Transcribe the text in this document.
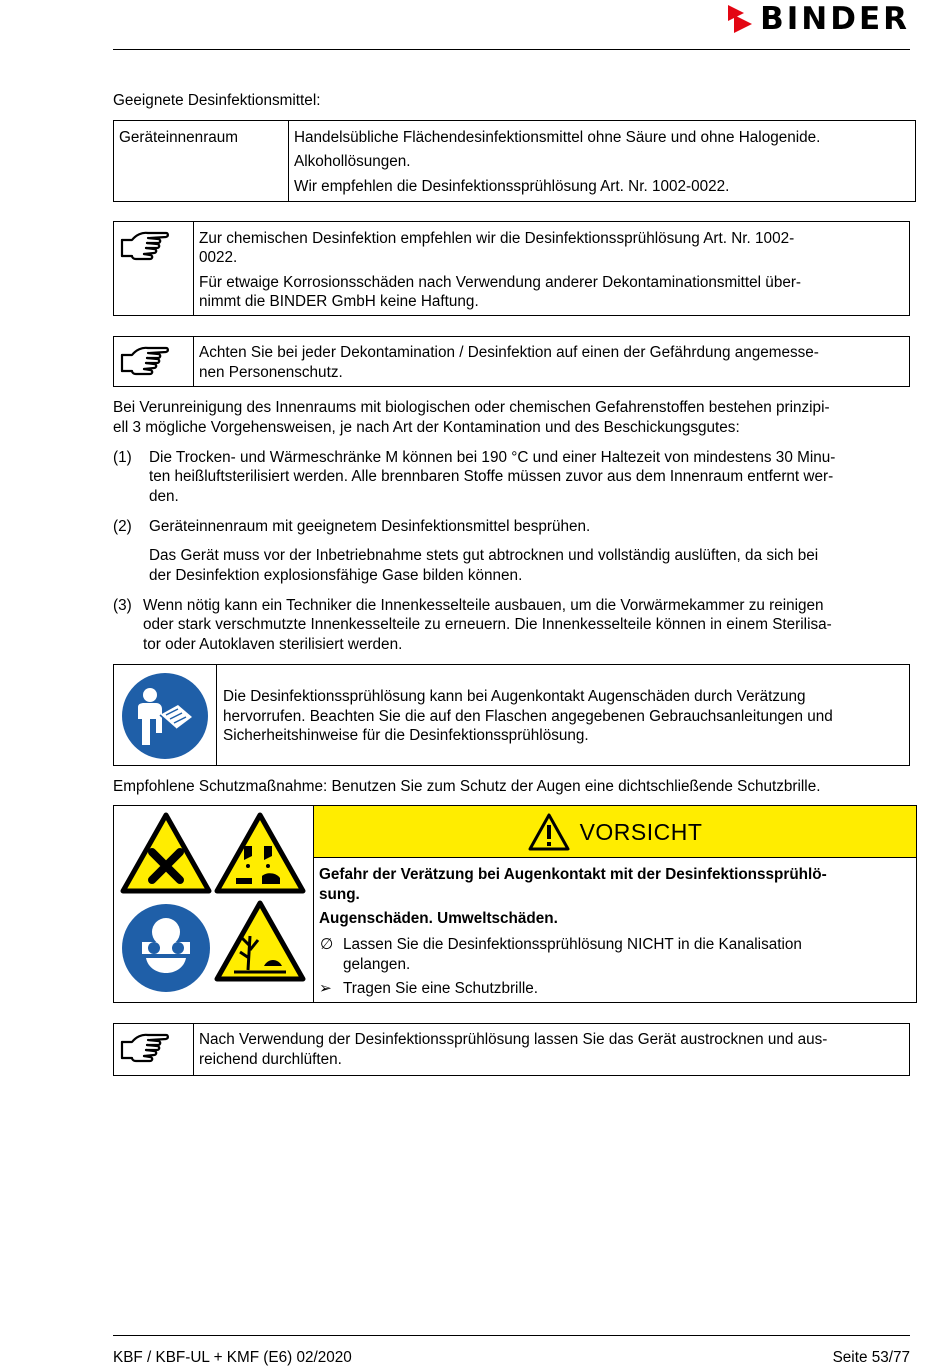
BINDER

Geeignete Desinfektionsmittel:

Geräteinnenraum	Handelsübliche Flächendesinfektionsmittel ohne Säure und ohne Halogenide.

Alkohollösungen.

Wir empfehlen die Desinfektionssprühlösung Art. Nr. 1002-0022.

Zur chemischen Desinfektion empfehlen wir die Desinfektionssprühlösung Art. Nr. 1002-

0022.

Für etwaige Korrosionsschäden nach Verwendung anderer Dekontaminationsmittel über-

nimmt die BINDER GmbH keine Haftung.

Achten Sie bei jeder Dekontamination / Desinfektion auf einen der Gefährdung angemesse-

nen Personenschutz.

Bei Verunreinigung des Innenraums mit biologischen oder chemischen Gefahrenstoffen bestehen prinzipi-

ell 3 mögliche Vorgehensweisen, je nach Art der Kontamination und des Beschickungsgutes:

(1) Die Trocken- und Wärmeschränke M können bei 190 °C und einer Haltezeit von mindestens 30 Minu-

ten heißluftsterilisiert werden. Alle brennbaren Stoffe müssen zuvor aus dem Innenraum entfernt wer-

den.

(2) Geräteinnenraum mit geeignetem Desinfektionsmittel besprühen.

Das Gerät muss vor der Inbetriebnahme stets gut abtrocknen und vollständig auslüften, da sich bei

der Desinfektion explosionsfähige Gase bilden können.

(3) Wenn nötig kann ein Techniker die Innenkesselteile ausbauen, um die Vorwärmekammer zu reinigen

oder stark verschmutzte Innenkesselteile zu erneuern. Die Innenkesselteile können in einem Sterilisa-

tor oder Autoklaven sterilisiert werden.

Die Desinfektionssprühlösung kann bei Augenkontakt Augenschäden durch Verätzung

hervorrufen. Beachten Sie die auf den Flaschen angegebenen Gebrauchsanleitungen und

Sicherheitshinweise für die Desinfektionssprühlösung.

Empfohlene Schutzmaßnahme: Benutzen Sie zum Schutz der Augen eine dichtschließende Schutzbrille.

VORSICHT

Gefahr der Verätzung bei Augenkontakt mit der Desinfektionssprühlö-

sung.

Augenschäden. Umweltschäden.

∅ Lassen Sie die Desinfektionssprühlösung NICHT in die Kanalisation

gelangen.

➢ Tragen Sie eine Schutzbrille.

Nach Verwendung der Desinfektionssprühlösung lassen Sie das Gerät austrocknen und aus-

reichend durchlüften.

KBF / KBF-UL + KMF (E6) 02/2020	Seite 53/77
